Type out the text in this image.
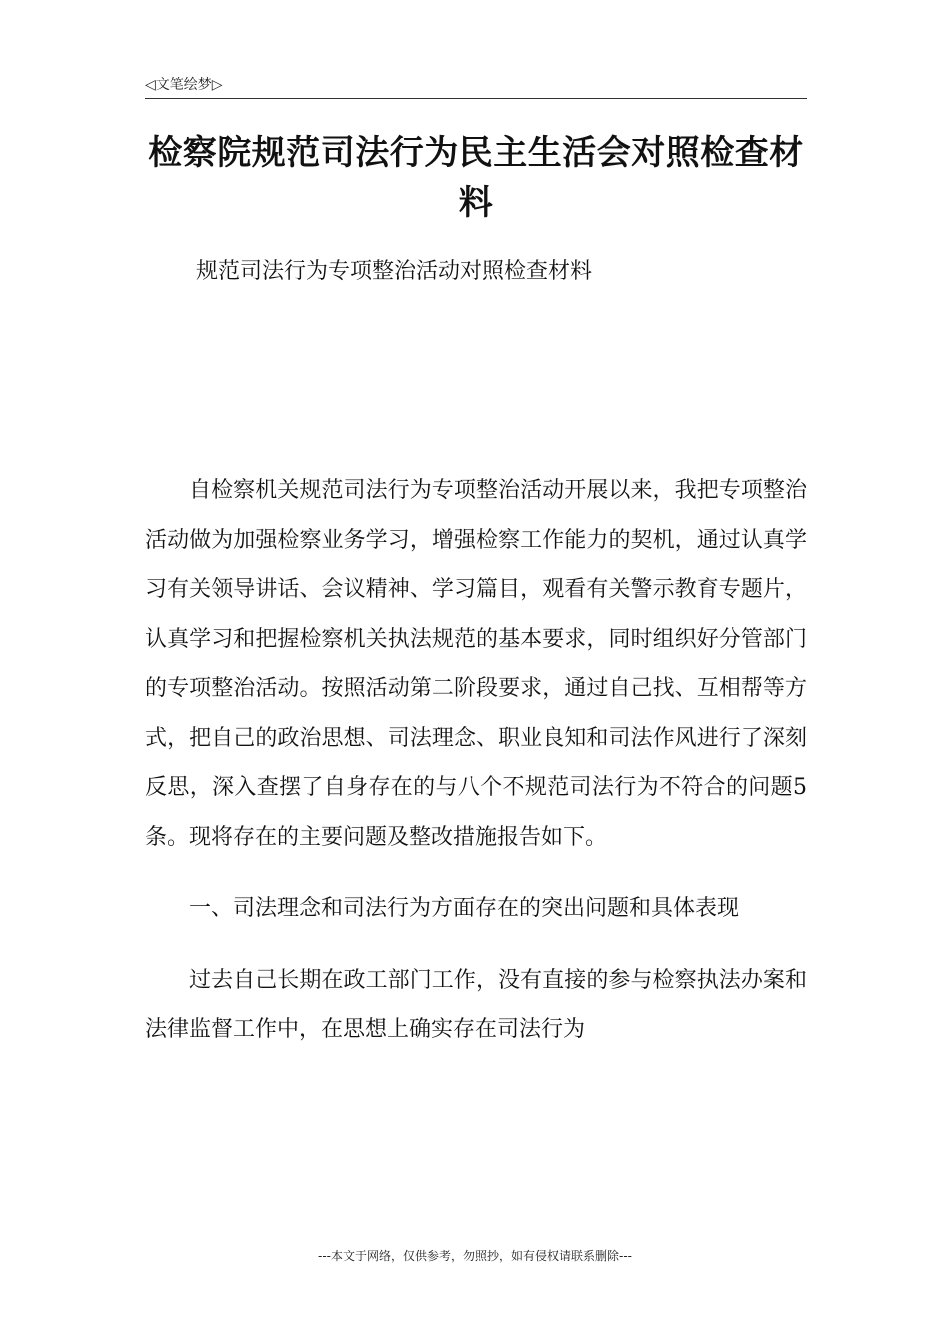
◁文笔绘梦▷
检察院规范司法行为民主生活会对照检查材料
规范司法行为专项整治活动对照检查材料

自检察机关规范司法行为专项整治活动开展以来，我把专项整治活动做为加强检察业务学习，增强检察工作能力的契机，通过认真学习有关领导讲话、会议精神、学习篇目，观看有关警示教育专题片，认真学习和把握检察机关执法规范的基本要求，同时组织好分管部门的专项整治活动。按照活动第二阶段要求，通过自己找、互相帮等方式，把自己的政治思想、司法理念、职业良知和司法作风进行了深刻反思，深入查摆了自身存在的与八个不规范司法行为不符合的问题5条。现将存在的主要问题及整改措施报告如下。

一、司法理念和司法行为方面存在的突出问题和具体表现

过去自己长期在政工部门工作，没有直接的参与检察执法办案和法律监督工作中，在思想上确实存在司法行为

---本文于网络，仅供参考，勿照抄，如有侵权请联系删除---
